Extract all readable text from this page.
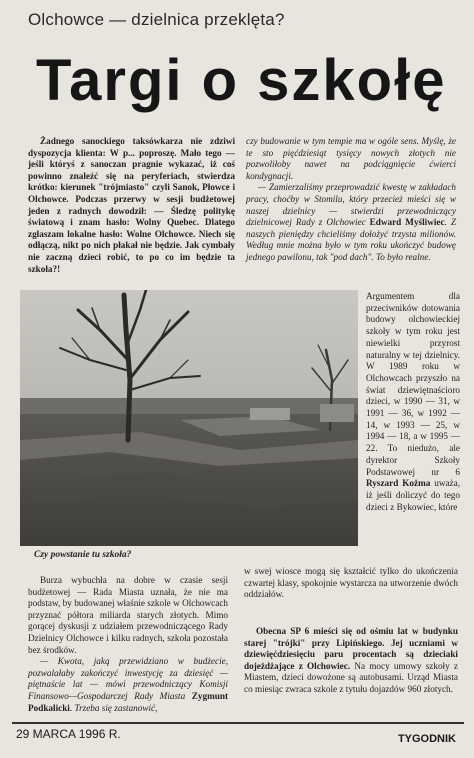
Olchowce — dzielnica przeklęta?
Targi o szkołę

Żadnego sanockiego taksówkarza nie zdziwi dyspozycja klienta: W p... poproszę. Mało tego — jeśli któryś z sanoczan pragnie wykazać, iż coś powinno znaleźć się na peryferiach, stwierdza krótko: kierunek "trójmiasto" czyli Sanok, Płowce i Olchowce. Podczas przerwy w sesji budżetowej jeden z radnych dowodził: — Śledzę politykę światową i znam hasło: Wolny Quebec. Dlatego zgłaszam lokalne hasło: Wolne Olchowce. Niech się odłączą, nikt po nich płakał nie będzie. Jak cymbały nie zaczną dzieci robić, to po co im będzie ta szkoła?!

czy budowanie w tym tempie ma w ogóle sens. Myślę, że te sto pięćdziesiąt tysięcy nowych złotych nie pozwoliłoby nawet na podciągnięcie ćwierci kondygnacji.

— Zamierzaliśmy przeprowadzić kwestę w zakładach pracy, choćby w Stomilu, który przecież mieści się w naszej dzielnicy — stwierdzi przewodniczący dzielnicowej Rady z Olchowiec Edward Myśliwiec. Z naszych pieniędzy chcieliśmy dołożyć trzysta milionów. Według mnie można było w tym roku ukończyć budowę jednego pawilonu, tak "pod dach". To było realne.

Argumentem dla przeciwników dotowania budowy olchowieckiej szkoły w tym roku jest niewielki przyrost naturalny w tej dzielnicy. W 1989 roku w Olchowcach przyszło na świat dziewiętnaściorо dzieci, w 1990 — 31, w 1991 — 36, w 1992 — 14, w 1993 — 25, w 1994 — 18, a w 1995 — 22. To niedużo, ale dyrektor Szkoły Podstawowej nr 6 Ryszard Kożma uważa, iż jeśli doliczyć do tego dzieci z Bykowiec, które

Czy powstanie tu szkoła?

Burza wybuchła na dobre w czasie sesji budżetowej — Rada Miasta uznała, że nie ma podstaw, by budowanej właśnie szkole w Olchowcach przyznać półtora miliarda starych złotych. Mimo gorącej dyskusji z udziałem przewodniczącego Rady Dzielnicy Olchowce i kilku radnych, szkoła pozostała bez środków.

— Kwota, jaką przewidziano w budżecie, pozwalałaby zakończyć inwestycję za dziesięć — piętnaście lat — mówi przewodniczący Komisji Finansowo—Gospodarczej Rady Miasta Zygmunt Podkalicki. Trzeba się zastanowić,

w swej wiosce mogą się kształcić tylko do ukończenia czwartej klasy, spokojnie wystarcza na utworzenie dwóch oddziałów.

Obecna SP 6 mieści się od ośmiu lat w budynku starej "trójki" przy Lipińskiego. Jej uczniami w dziewięćdziesięciu paru procentach są dzieciaki dojeżdżające z Olchowiec. Na mocy umowy szkoły z Miastem, dzieci dowożone są autobusami. Urząd Miasta co miesiąc zwraca szkole z tytułu dojazdów 960 złotych.

29 MARCA 1996 R.	TYGODNIK
